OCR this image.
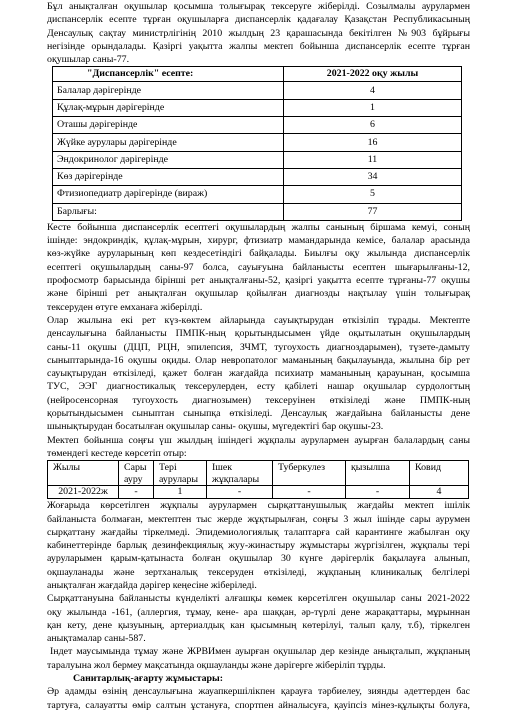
Бұл анықталған оқушылар қосымша толығырақ тексеруге жіберілді. Созылмалы аурулармен
диспансерлік есепте тұрған оқушыларға диспансерлік қадағалау Қазақстан Республикасының
Денсаулық сақтау министрлігінің 2010 жылдың 23 қарашасында бекітілген №903 бұйрығы
негізінде орындалады. Қазіргі уақытта жалпы мектеп бойынша диспансерлік есепте тұрған
оқушылар саны-77.
"Диспансерлік" есепте:	2021-2022 оқу жылы
Балалар дәрігерінде	4
Құлақ-мұрын дәрігерінде	1
Оташы дәрігерінде	6
Жүйке аурулары дәрігерінде	16
Эндокринолог дәрігерінде	11
Көз дәрігерінде	34
Фтизиопедиатр дәрігерінде (вираж)	5
Барлығы:	77
Кесте бойынша диспансерлік есептегі оқушылардың жалпы санының біршама кемуі, соның
ішінде: эндокриндік, құлақ-мұрын, хирург, фтизиатр мамандарында кемісе, балалар арасында
көз-жүйке ауруларының көп кездесетіндігі байқалады. Биылғы оқу жылында диспансерлік
есептегі оқушылардың саны-97 болса, сауығуына байланысты есептен шығарылғаны-12,
профосмотр барысында бірінші рет анықталғаны-52, қазіргі уақытта есепте тұрғаны-77 оқушы
және бірінші рет анықталған оқушылар қойылған диагнозды нақтылау үшін толығырақ
тексеруден өтуге емханаға жіберілді.
Олар жылына екі рет күз-көктем айларында сауықтырудан өткізіліп тұрады. Мектепте
денсаулығына байланысты ПМПК-ның қорытындысымен үйде оқытылатын оқушылардың
саны-11 оқушы (ДЦП, РЦН, эпилепсия, ЗЧМТ, тугоухость диагноздарымен), түзете-дамыту
сыныптарында-16 оқушы оқиды. Олар невропатолог маманының бақылауында, жылына бір рет
сауықтырудан өткізіледі, қажет болған жағдайда психиатр маманының қарауынан, қосымша
ТУС, ЭЭГ диагностикалық тексерулерден, есту қабілеті нашар оқушылар сурдологтың
(нейросенсорная тугоухость диагнозымен) тексеруінен өткізіледі және ПМПК-ның
қорытындысымен сыныптан сыныпқа өткізіледі. Денсаулық жағдайына байланысты дене
шынықтырудан босатылған оқушылар саны- оқушы, мүгедектігі бар оқушы-23.
Мектеп бойынша соңғы үш жылдың ішіндегі жұқпалы аурулармен ауырған балалардың саны
төмендегі кестеде көрсетіп отыр:
Жылы	Сары ауру	Тері аурулары	Ішек жұқпалары	Туберкулез	қызылша	Ковид
2021-2022ж	-	1	-	-	-	4
Жоғарыда көрсетілген жұқпалы аурулармен сырқаттанушылық жағдайы мектеп ішілік
байланыста болмаған, мектептен тыс жерде жұқтырылған, соңғы 3 жыл ішінде сары аурумен
сырқаттану жағдайы тіркелмеді. Эпидемиологиялық талаптарға сай карантинге жабылған оқу
кабинеттерінде барлық дезинфекциялық жуу-жинастыру жұмыстары жүргізілген, жұқпалы тері
ауруларымен қарым-қатынаста болған оқушылар 30 күнге дәрігерлік бақылауға алынып,
оқшауланады және зертханалық тексеруден өткізіледі, жұқпаның клиникалық белгілері
анықталған жағдайда дәрігер кеңесіне жіберіледі.
Сырқаттануына байланысты күнделікті алғашқы көмек көрсетілген оқушылар саны 2021-2022
оқу жылында -161, (аллергия, тұмау, кене- ара шаққан, әр-түрлі дене жарақаттары, мұрыннан
қан кету, дене қызуының, артериалдық кан қысымның көтерілуі, талып қалу, т.б), тіркелген
анықтамалар саны-587.
Індет маусымында тұмау және ЖРВИмен ауырған оқушылар дер кезінде анықталып, жұқпаның
таралуына жол бермеу мақсатында оқшауланды және дәрігерге жіберіліп тұрды.
Санитарлық-ағарту жұмыстары:
Әр адамды өзінің денсаулығына жауапкершілікпен қарауға тәрбиелеу, зиянды әдеттерден бас
тартуға, салауатты өмір салтын ұстануға, спортпен айналысуға, қауіпсіз мінез-құлықты болуға,
